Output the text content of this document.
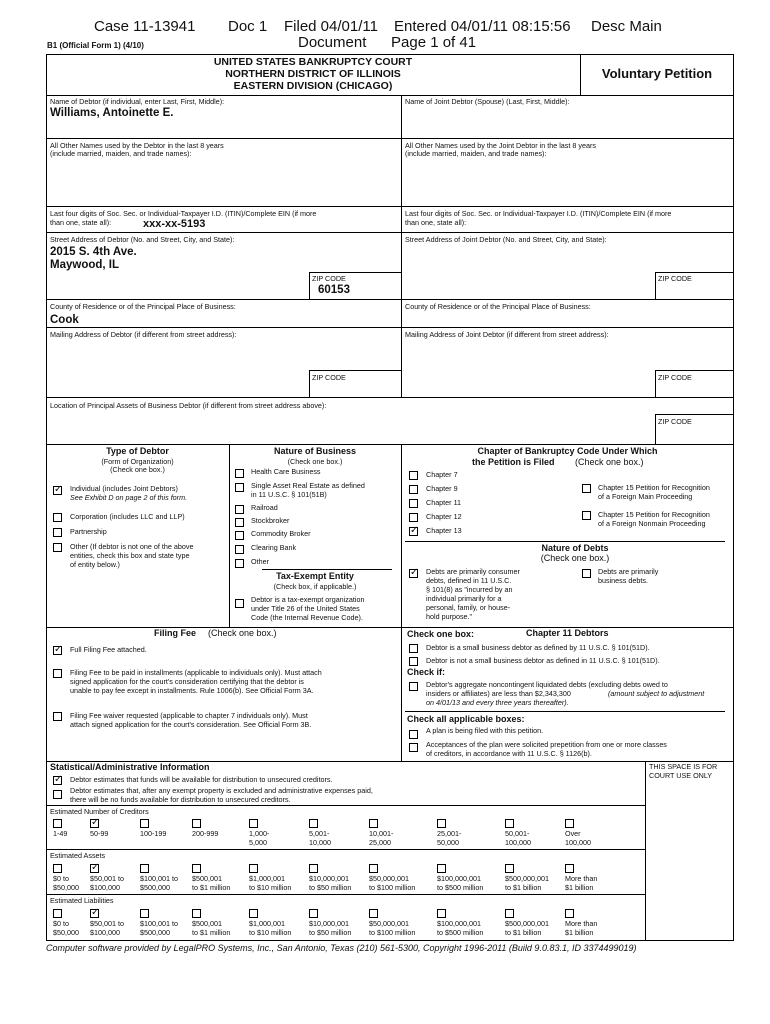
Case 11-13941 Doc 1 Filed 04/01/11 Entered 04/01/11 08:15:56 Desc Main
Document Page 1 of 41
B1 (Official Form 1) (4/10)
UNITED STATES BANKRUPTCY COURT
NORTHERN DISTRICT OF ILLINOIS
EASTERN DIVISION (CHICAGO)
Voluntary Petition
Name of Debtor (if individual, enter Last, First, Middle):
Williams, Antoinette E.
Name of Joint Debtor (Spouse) (Last, First, Middle):
All Other Names used by the Debtor in the last 8 years
(include married, maiden, and trade names):
All Other Names used by the Joint Debtor in the last 8 years
(include married, maiden, and trade names):
Last four digits of Soc. Sec. or Individual-Taxpayer I.D. (ITIN)/Complete EIN (if more
than one, state all):	xxx-xx-5193
Last four digits of Soc. Sec. or Individual-Taxpayer I.D. (ITIN)/Complete EIN (if more
than one, state all):
Street Address of Debtor (No. and Street, City, and State):
2015 S. 4th Ave.
Maywood, IL
Street Address of Joint Debtor (No. and Street, City, and State):
ZIP CODE
60153
ZIP CODE
County of Residence or of the Principal Place of Business:
Cook
County of Residence or of the Principal Place of Business:
Mailing Address of Debtor (if different from street address):	Mailing Address of Joint Debtor (if different from street address):
ZIP CODE	ZIP CODE
Location of Principal Assets of Business Debtor (if different from street address above):
ZIP CODE
Type of Debtor
(Form of Organization)
(Check one box.)
✓
Individual (includes Joint Debtors)
See Exhibit D on page 2 of this form.
Corporation (includes LLC and LLP)
Partnership
Other (If debtor is not one of the above
entities, check this box and state type
of entity below.)
Nature of Business
(Check one box.)
Health Care Business
Single Asset Real Estate as defined
in 11 U.S.C. § 101(51B)
Railroad
Stockbroker
Commodity Broker
Clearing Bank
Other
Tax-Exempt Entity
(Check box, if applicable.)
Debtor is a tax-exempt organization
under Title 26 of the United States
Code (the Internal Revenue Code).
Chapter of Bankruptcy Code Under Which
the Petition is Filed (Check one box.)
Chapter 7
Chapter 9
Chapter 11
Chapter 12
✓
Chapter 13
Chapter 15 Petition for Recognition
of a Foreign Main Proceeding
Chapter 15 Petition for Recognition
of a Foreign Nonmain Proceeding
Nature of Debts
(Check one box.)
✓
Debts are primarily consumer
debts, defined in 11 U.S.C.
§ 101(8) as "incurred by an
individual primarily for a
personal, family, or house-
hold purpose."
Debts are primarily
business debts.
Filing Fee (Check one box.)
✓
Full Filing Fee attached.
Filing Fee to be paid in installments (applicable to individuals only). Must attach
signed application for the court's consideration certifying that the debtor is
unable to pay fee except in installments. Rule 1006(b). See Official Form 3A.
Filing Fee waiver requested (applicable to chapter 7 individuals only). Must
attach signed application for the court's consideration. See Official Form 3B.
Check one box:	Chapter 11 Debtors
Debtor is a small business debtor as defined by 11 U.S.C. § 101(51D).
Debtor is not a small business debtor as defined in 11 U.S.C. § 101(51D).
Check if:
Debtor's aggregate noncontingent liquidated debts (excluding debts owed to
insiders or affiliates) are less than $2,343,300	(amount subject to adjustment
on 4/01/13 and every three years thereafter).
Check all applicable boxes:
A plan is being filed with this petition.
Acceptances of the plan were solicited prepetition from one or more classes
of creditors, in accordance with 11 U.S.C. § 1126(b).
Statistical/Administrative Information	THIS SPACE IS FOR
COURT USE ONLY
✓
Debtor estimates that funds will be available for distribution to unsecured creditors.
Debtor estimates that, after any exempt property is excluded and administrative expenses paid,
there will be no funds available for distribution to unsecured creditors.
Estimated Number of Creditors
1-49
✓	50-99	100-199	200-999	1,000-
5,000
5,001-
10,000
10,001-
25,000
25,001-
50,000
50,001-
100,000
Over
100,000
Estimated Assets
$0 to
$50,000
✓
$50,001 to
$100,000
$100,001 to
$500,000
$500,001
to $1 million
$1,000,001
to $10 million
$10,000,001
to $50 million
$50,000,001
to $100 million
$100,000,001
to $500 million
$500,000,001
to $1 billion
More than
$1 billion
Estimated Liabilities
$0 to
$50,000
✓
$50,001 to
$100,000
$100,001 to
$500,000
$500,001
to $1 million
$1,000,001
to $10 million
$10,000,001
to $50 million
$50,000,001
to $100 million
$100,000,001
to $500 million
$500,000,001
to $1 billion
More than
$1 billion
Computer software provided by LegalPRO Systems, Inc., San Antonio, Texas (210) 561-5300, Copyright 1996-2011 (Build 9.0.83.1, ID 3374499019)
